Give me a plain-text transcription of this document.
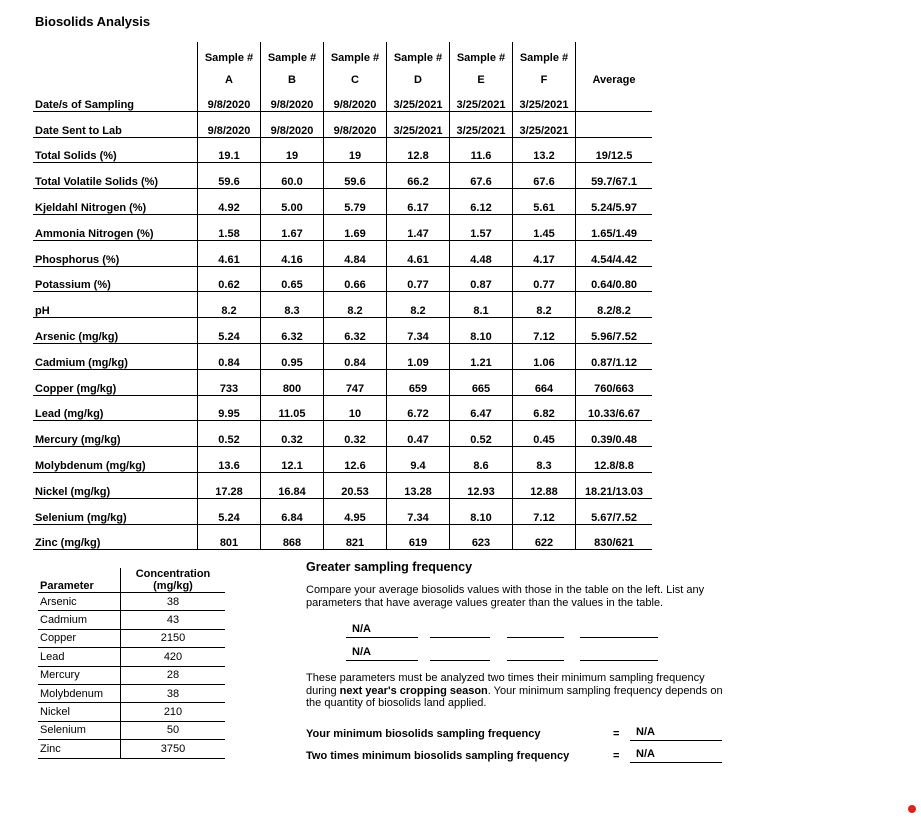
Biosolids Analysis
	Sample #	Sample #	Sample #	Sample #	Sample #	Sample #	
	A	B	C	D	E	F	Average
Date/s of Sampling	9/8/2020	9/8/2020	9/8/2020	3/25/2021	3/25/2021	3/25/2021	
Date Sent to Lab	9/8/2020	9/8/2020	9/8/2020	3/25/2021	3/25/2021	3/25/2021	
Total Solids (%)	19.1	19	19	12.8	11.6	13.2	19/12.5
Total Volatile Solids (%)	59.6	60.0	59.6	66.2	67.6	67.6	59.7/67.1
Kjeldahl Nitrogen (%)	4.92	5.00	5.79	6.17	6.12	5.61	5.24/5.97
Ammonia Nitrogen (%)	1.58	1.67	1.69	1.47	1.57	1.45	1.65/1.49
Phosphorus (%)	4.61	4.16	4.84	4.61	4.48	4.17	4.54/4.42
Potassium (%)	0.62	0.65	0.66	0.77	0.87	0.77	0.64/0.80
pH	8.2	8.3	8.2	8.2	8.1	8.2	8.2/8.2
Arsenic (mg/kg)	5.24	6.32	6.32	7.34	8.10	7.12	5.96/7.52
Cadmium (mg/kg)	0.84	0.95	0.84	1.09	1.21	1.06	0.87/1.12
Copper (mg/kg)	733	800	747	659	665	664	760/663
Lead (mg/kg)	9.95	11.05	10	6.72	6.47	6.82	10.33/6.67
Mercury (mg/kg)	0.52	0.32	0.32	0.47	0.52	0.45	0.39/0.48
Molybdenum (mg/kg)	13.6	12.1	12.6	9.4	8.6	8.3	12.8/8.8
Nickel (mg/kg)	17.28	16.84	20.53	13.28	12.93	12.88	18.21/13.03
Selenium (mg/kg)	5.24	6.84	4.95	7.34	8.10	7.12	5.67/7.52
Zinc (mg/kg)	801	868	821	619	623	622	830/621
Parameter	Concentration
(mg/kg)
Arsenic	38
Cadmium	43
Copper	2150
Lead	420
Mercury	28
Molybdenum	38
Nickel	210
Selenium	50
Zinc	3750
Greater sampling frequency
Compare your average biosolids values with those in the table on the left. List any parameters that have average values greater than the values in the table.
N/A
N/A
These parameters must be analyzed two times their minimum sampling frequency during next year's cropping season. Your minimum sampling frequency depends on the quantity of biosolids land applied.
Your minimum biosolids sampling frequency	=	N/A
Two times minimum biosolids sampling frequency	=	N/A
